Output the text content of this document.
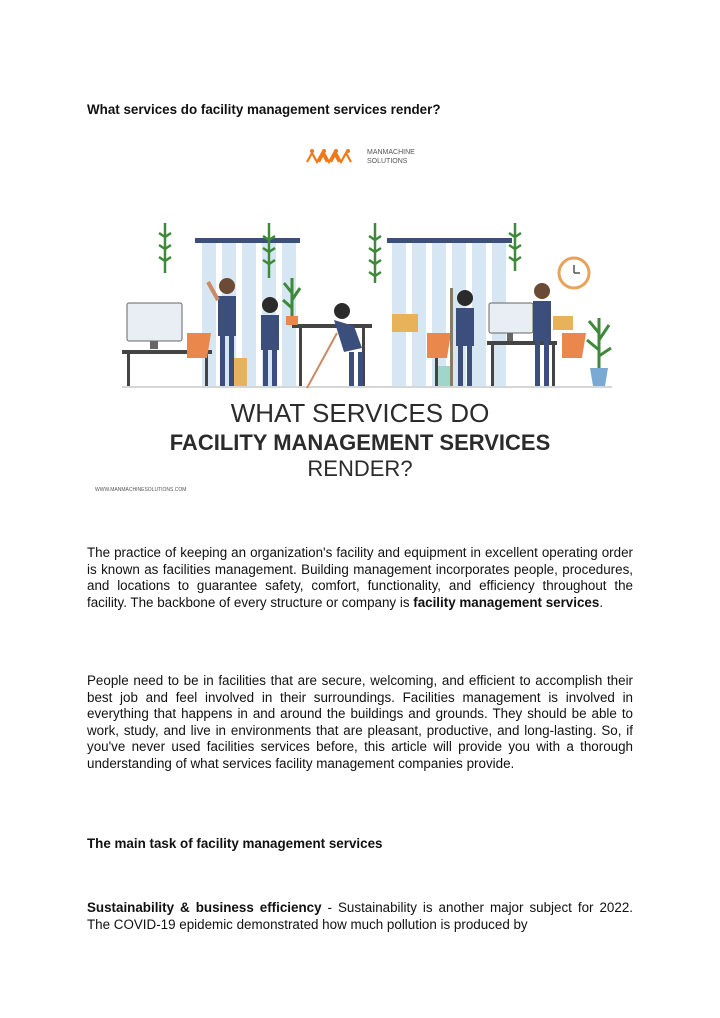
What services do facility management services render?
MANMACHINE
SOLUTIONS
WHAT SERVICES DO
FACILITY MANAGEMENT SERVICES
RENDER?
WWW.MANMACHINESOLUTIONS.COM

The practice of keeping an organization's facility and equipment in excellent operating order is known as facilities management. Building management incorporates people, procedures, and locations to guarantee safety, comfort, functionality, and efficiency throughout the facility. The backbone of every structure or company is facility management services.

People need to be in facilities that are secure, welcoming, and efficient to accomplish their best job and feel involved in their surroundings. Facilities management is involved in everything that happens in and around the buildings and grounds. They should be able to work, study, and live in environments that are pleasant, productive, and long-lasting. So, if you've never used facilities services before, this article will provide you with a thorough understanding of what services facility management companies provide.

The main task of facility management services

Sustainability & business efficiency - Sustainability is another major subject for 2022. The COVID-19 epidemic demonstrated how much pollution is produced by
